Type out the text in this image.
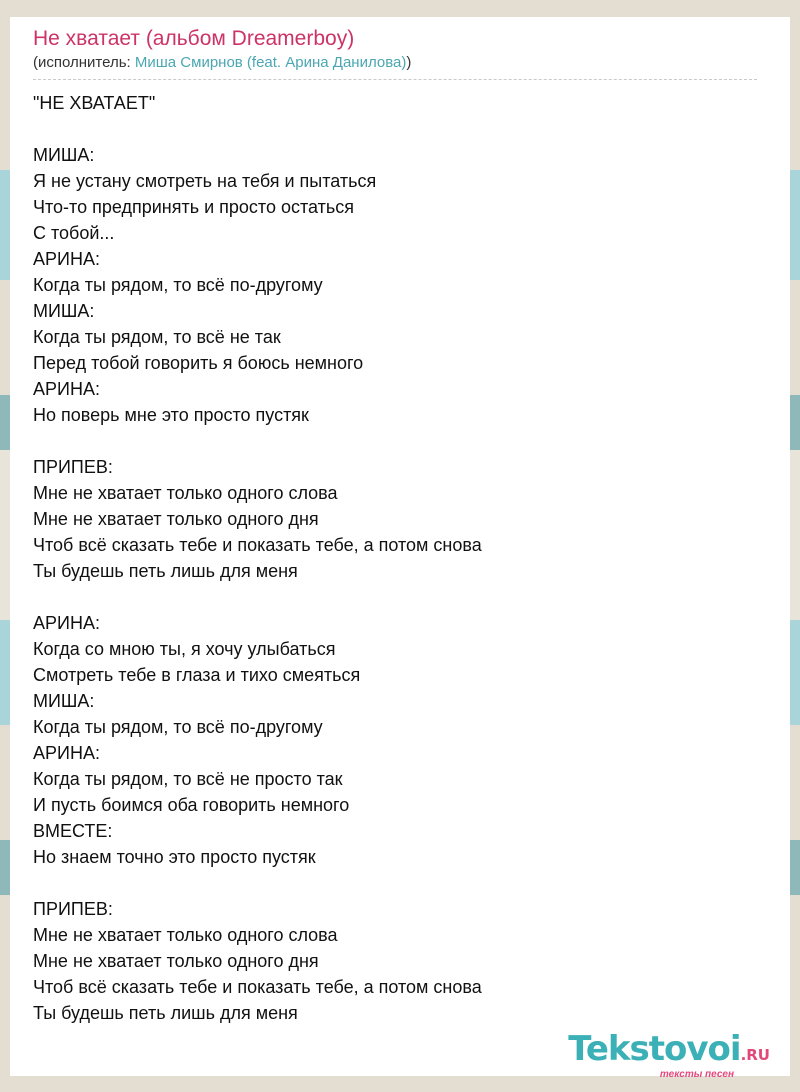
Не хватает (альбом Dreamerboy)
(исполнитель: Миша Смирнов (feat. Арина Данилова))
"НЕ ХВАТАЕТ"
МИША:
Я не устану смотреть на тебя и пытаться
Что-то предпринять и просто остаться
С тобой...
АРИНА:
Когда ты рядом, то всё по-другому
МИША:
Когда ты рядом, то всё не так
Перед тобой говорить я боюсь немного
АРИНА:
Но поверь мне это просто пустяк
ПРИПЕВ:
Мне не хватает только одного слова
Мне не хватает только одного дня
Чтоб всё сказать тебе и показать тебе, а потом снова
Ты будешь петь лишь для меня
АРИНА:
Когда со мною ты, я хочу улыбаться
Смотреть тебе в глаза и тихо смеяться
МИША:
Когда ты рядом, то всё по-другому
АРИНА:
Когда ты рядом, то всё не просто так
И пусть боимся оба говорить немного
ВМЕСТЕ:
Но знаем точно это просто пустяк
ПРИПЕВ:
Мне не хватает только одного слова
Мне не хватает только одного дня
Чтоб всё сказать тебе и показать тебе, а потом снова
Ты будешь петь лишь для меня
Tekstovoi.RU
тексты песен
